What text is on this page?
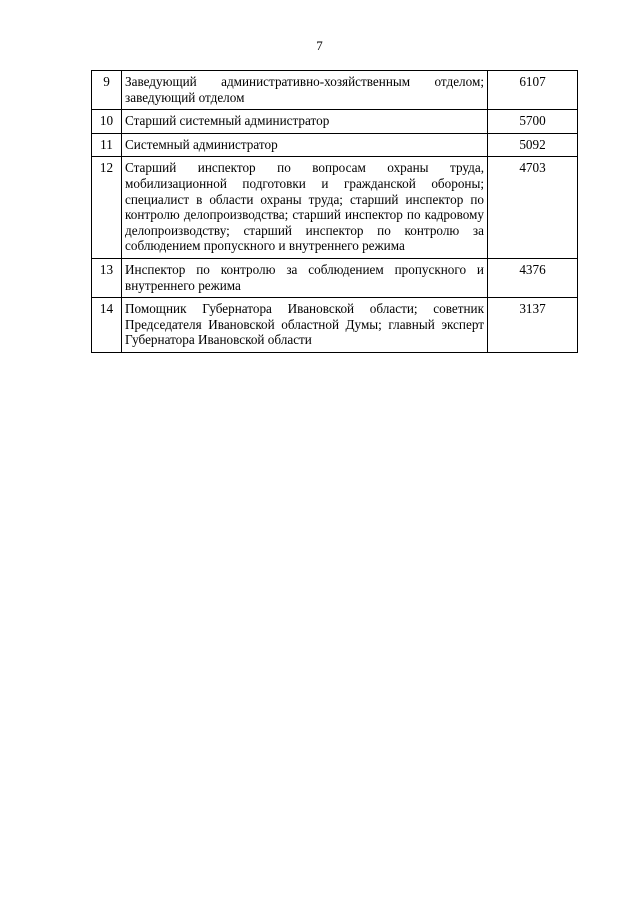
7
9	Заведующий административно-хозяйственным отделом; заведующий отделом	6107
10	Старший системный администратор	5700
11	Системный администратор	5092
12	Старший инспектор по вопросам охраны труда, мобилизационной подготовки и гражданской обороны; специалист в области охраны труда; старший инспектор по контролю делопроизводства; старший инспектор по кадровому делопроизводству; старший инспектор по контролю за соблюдением пропускного и внутреннего режима	4703
13	Инспектор по контролю за соблюдением пропускного и внутреннего режима	4376
14	Помощник Губернатора Ивановской области; советник Председателя Ивановской областной Думы; главный эксперт Губернатора Ивановской области	3137
